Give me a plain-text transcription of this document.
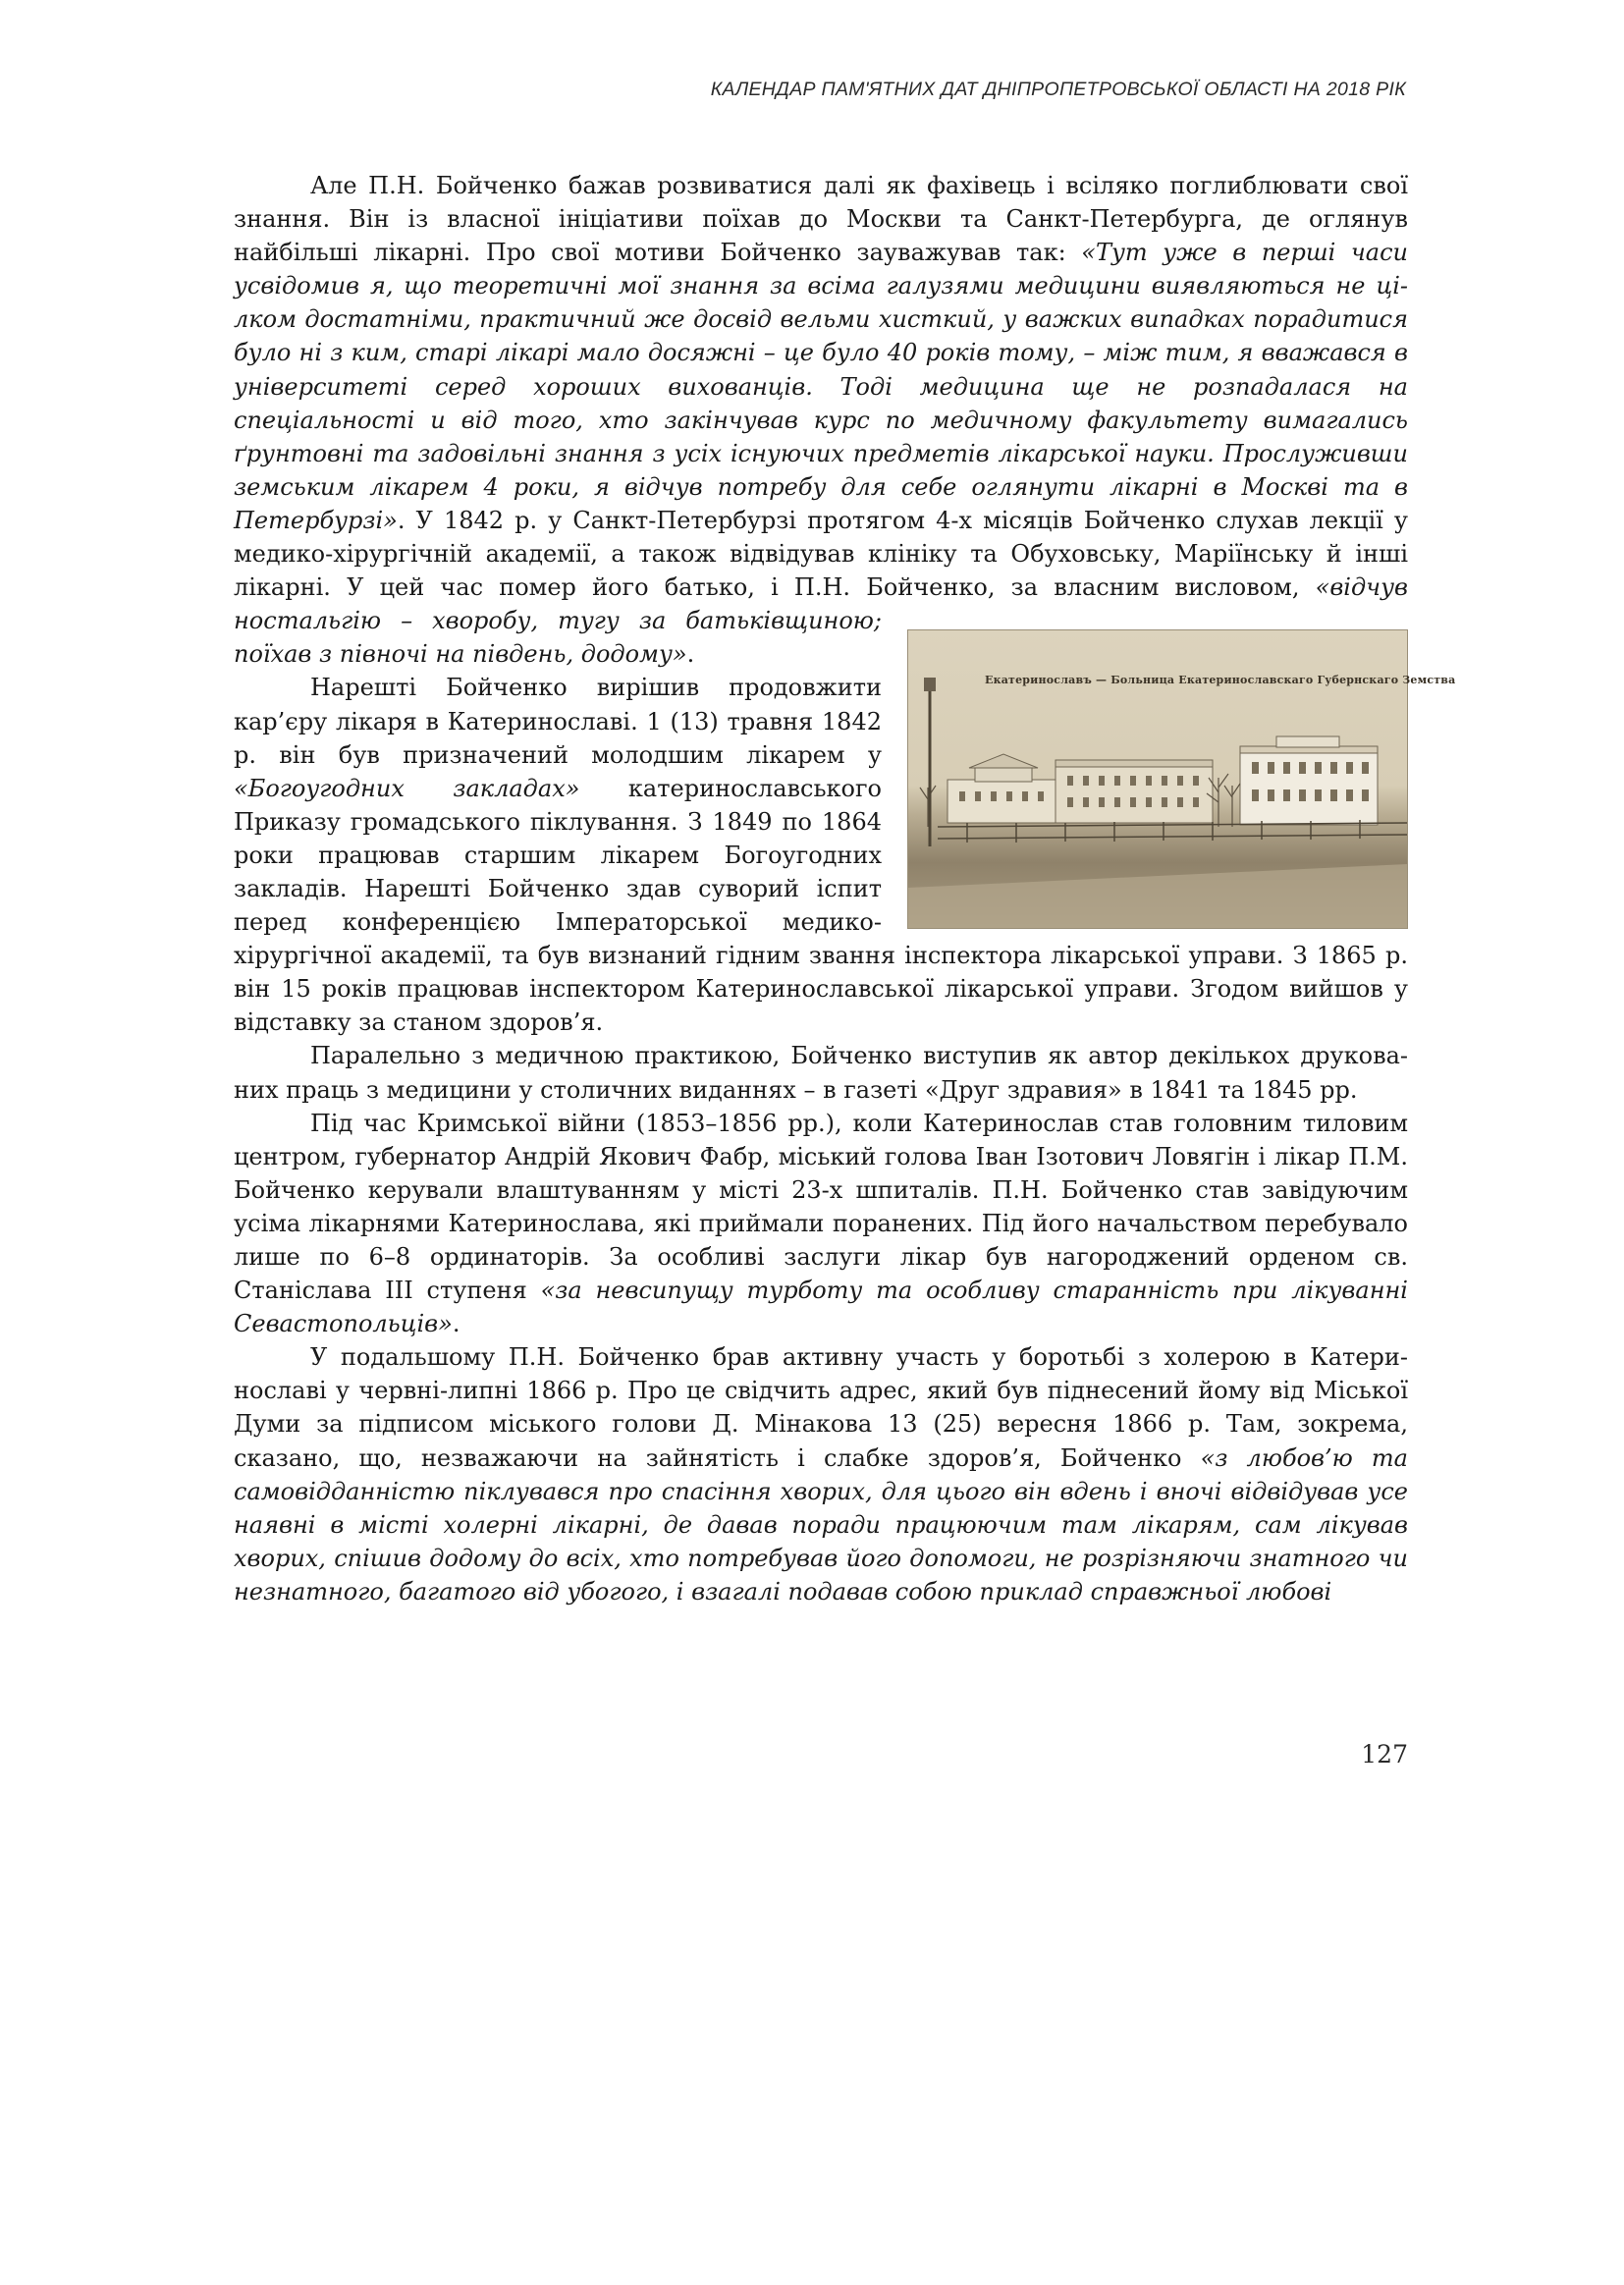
КАЛЕНДАР ПАМ'ЯТНИХ ДАТ ДНІПРОПЕТРОВСЬКОЇ ОБЛАСТІ НА 2018 РІК

Але П.Н. Бойченко бажав розвиватися далі як фахівець і всіляко поглиблювати свої знання. Він із власної ініціативи поїхав до Москви та Санкт-Петербурга, де оглянув найбільші лікарні. Про свої мотиви Бойченко зауважував так: «Тут уже в перші часи усвідомив я, що теоретичні мої знання за всіма галузями медицини виявляються не цілком достатніми, практичний же досвід вельми хисткий, у важких випадках порадитися було ні з ким, старі лікарі мало досяжні – це було 40 років тому, – між тим, я вважався в університеті серед хороших вихованців. Тоді медицина ще не розпадалася на спеціальності и від того, хто закінчував курс по медичному факультету вимагались ґрунтовні та задовільні знання з усіх існуючих предметів лікарської науки. Прослуживши земським лікарем 4 роки, я відчув потребу для себе оглянути лікарні в Москві та в Петербурзі». У 1842 р. у Санкт-Петербурзі протягом 4-х місяців Бойченко слухав лекції у медико-хірургічній академії, а також відвідував клініку та Обуховську, Маріїнську й інші лікарні. У цей час помер його батько, і П.Н. Бойченко, за власним висловом,
Екатеринославъ — Больница Екатеринославскаго Губернскаго Земства
«відчув ностальгію – хворобу, тугу за батьківщиною; поїхав з півночі на південь, додому».

Нарешті Бойченко вирішив продовжити кар’єру лікаря в Катеринославі. 1 (13) травня 1842 р. він був призначений молодшим лікарем у «Богоугодних закладах» катеринославського Приказу громадського піклування. З 1849 по 1864 роки працював старшим лікарем Богоугодних закладів. Нарешті Бойченко здав суворий іспит перед конференцією Імператорської медико-хірургічної академії, та був визнаний гідним звання інспектора лікарської управи. З 1865 р. він 15 років працював інспектором Катеринославської лікарської управи. Згодом вийшов у відставку за станом здоров’я.

Паралельно з медичною практикою, Бойченко виступив як автор декількох друкованих праць з медицини у столичних виданнях – в газеті «Друг здравия» в 1841 та 1845 рр.

Під час Кримської війни (1853–1856 рр.), коли Катеринослав став головним тиловим центром, губернатор Андрій Якович Фабр, міський голова Іван Ізотович Ловягін і лікар П.М. Бойченко керували влаштуванням у місті 23-х шпиталів. П.Н. Бойченко став завідуючим усіма лікарнями Катеринослава, які приймали поранених. Під його начальством перебувало лише по 6–8 ординаторів. За особливі заслуги лікар був нагороджений орденом св. Станіслава ІІІ ступеня «за невсипущу турботу та особливу старанність при лікуванні Севастопольців».

У подальшому П.Н. Бойченко брав активну участь у боротьбі з холерою в Катеринославі у червні-липні 1866 р. Про це свідчить адрес, який був піднесений йому від Міської Думи за підписом міського голови Д. Мінакова 13 (25) вересня 1866 р. Там, зокрема, сказано, що, незважаючи на зайнятість і слабке здоров’я, Бойченко «з любов’ю та самовідданністю піклувався про спасіння хворих, для цього він вдень і вночі відвідував усе наявні в місті холерні лікарні, де давав поради працюючим там лікарям, сам лікував хворих, спішив додому до всіх, хто потребував його допомоги, не розрізняючи знатного чи незнатного, багатого від убогого, і взагалі подавав собою приклад справжньої любові

127
